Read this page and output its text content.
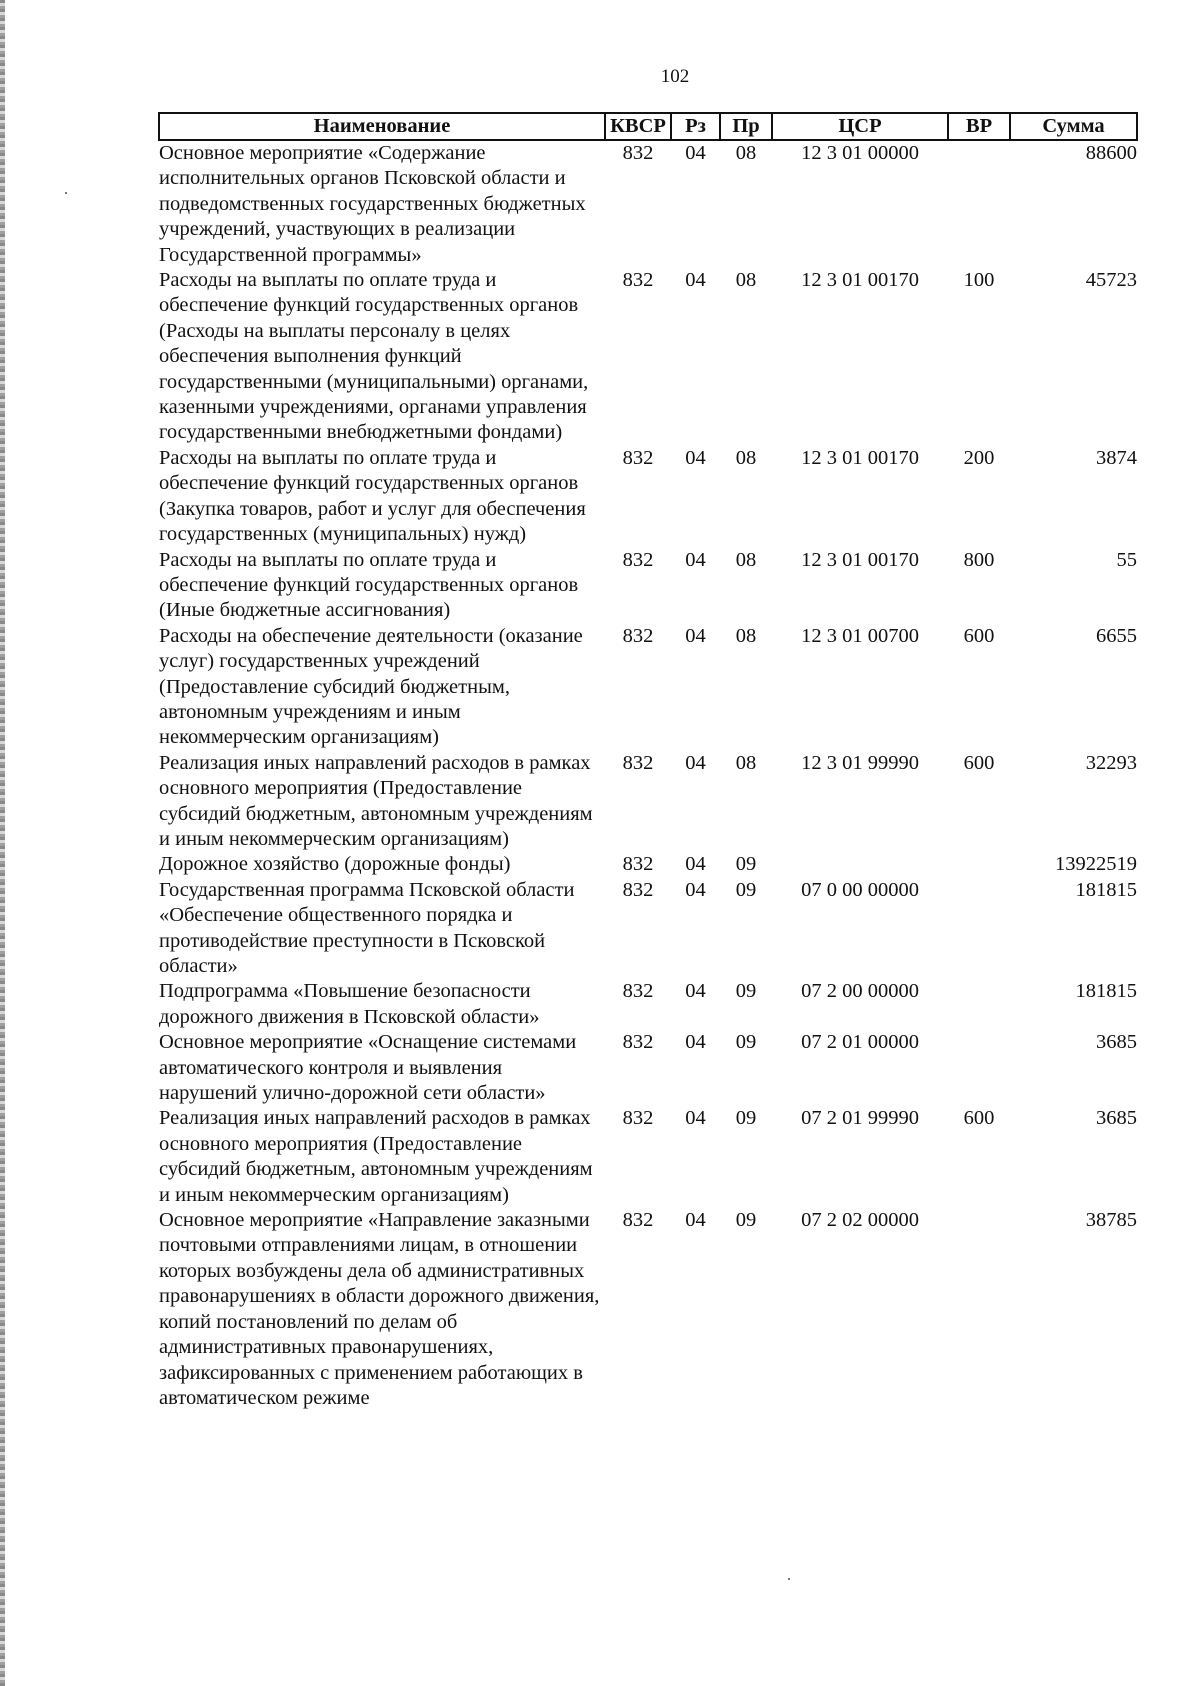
102
Наименование	КВСР	Рз	Пр	ЦСР	ВР	Сумма
Основное мероприятие «Содержание исполнительных органов Псковской области и подведомственных государственных бюджетных учреждений, участвующих в реализации Государственной программы»	832	04	08	12 3 01 00000		88600
Расходы на выплаты по оплате труда и обеспечение функций государственных органов (Расходы на выплаты персоналу в целях обеспечения выполнения функций государственными (муниципальными) органами, казенными учреждениями, органами управления государственными внебюджетными фондами)	832	04	08	12 3 01 00170	100	45723
Расходы на выплаты по оплате труда и обеспечение функций государственных органов (Закупка товаров, работ и услуг для обеспечения государственных (муниципальных) нужд)	832	04	08	12 3 01 00170	200	3874
Расходы на выплаты по оплате труда и обеспечение функций государственных органов (Иные бюджетные ассигнования)	832	04	08	12 3 01 00170	800	55
Расходы на обеспечение деятельности (оказание услуг) государственных учреждений (Предоставление субсидий бюджетным, автономным учреждениям и иным некоммерческим организациям)	832	04	08	12 3 01 00700	600	6655
Реализация иных направлений расходов в рамках основного мероприятия (Предоставление субсидий бюджетным, автономным учреждениям и иным некоммерческим организациям)	832	04	08	12 3 01 99990	600	32293
Дорожное хозяйство (дорожные фонды)	832	04	09			13922519
Государственная программа Псковской области «Обеспечение общественного порядка и противодействие преступности в Псковской области»	832	04	09	07 0 00 00000		181815
Подпрограмма «Повышение безопасности дорожного движения в Псковской области»	832	04	09	07 2 00 00000		181815
Основное мероприятие «Оснащение системами автоматического контроля и выявления нарушений улично-дорожной сети области»	832	04	09	07 2 01 00000		3685
Реализация иных направлений расходов в рамках основного мероприятия (Предоставление субсидий бюджетным, автономным учреждениям и иным некоммерческим организациям)	832	04	09	07 2 01 99990	600	3685
Основное мероприятие «Направление заказными почтовыми отправлениями лицам, в отношении которых возбуждены дела об административных правонарушениях в области дорожного движения, копий постановлений по делам об административных правонарушениях, зафиксированных с применением работающих в автоматическом режиме	832	04	09	07 2 02 00000		38785
